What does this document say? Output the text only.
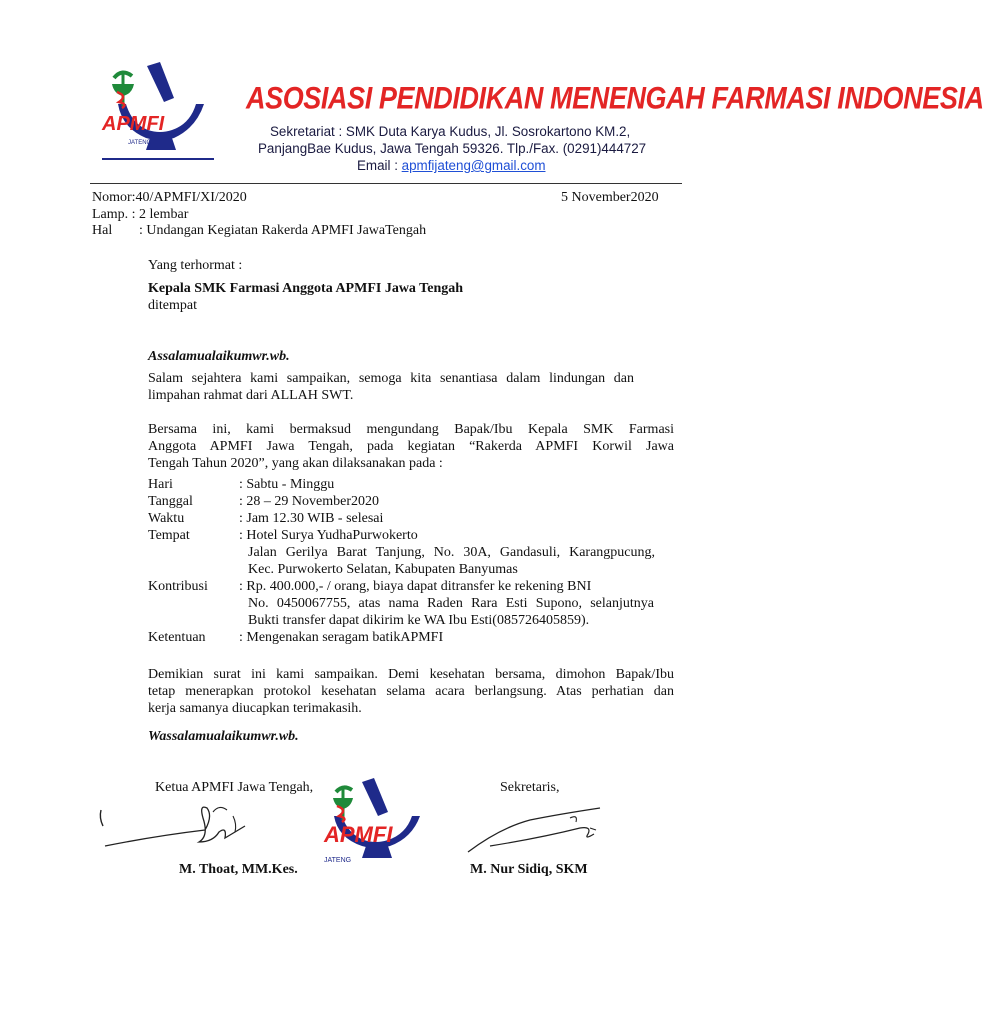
APMFI
JATENG
ASOSIASI PENDIDIKAN MENENGAH FARMASI INDONESIA
Sekretariat : SMK Duta Karya Kudus, Jl. Sosrokartono KM.2,
PanjangBae Kudus, Jawa Tengah 59326. Tlp./Fax. (0291)444727
Email : apmfijateng@gmail.com
Nomor:40/APMFI/XI/2020	5 November2020
Lamp. : 2 lembar
Hal : Undangan Kegiatan Rakerda APMFI JawaTengah
Yang terhormat :
Kepala SMK Farmasi Anggota APMFI Jawa Tengah
ditempat
Assalamualaikumwr.wb.
Salam sejahtera kami sampaikan, semoga kita senantiasa dalam lindungan dan
limpahan rahmat dari ALLAH SWT.
Bersama ini, kami bermaksud mengundang Bapak/Ibu Kepala SMK Farmasi
Anggota APMFI Jawa Tengah, pada kegiatan “Rakerda APMFI Korwil Jawa
Tengah Tahun 2020”, yang akan dilaksanakan pada :
Hari	: Sabtu - Minggu
Tanggal	: 28 – 29 November2020
Waktu	: Jam 12.30 WIB - selesai
Tempat	: Hotel Surya YudhaPurwokerto
Jalan Gerilya Barat Tanjung, No. 30A, Gandasuli, Karangpucung,
Kec. Purwokerto Selatan, Kabupaten Banyumas
Kontribusi : Rp. 400.000,- / orang, biaya dapat ditransfer ke rekening BNI
No. 0450067755, atas nama Raden Rara Esti Supono, selanjutnya
Bukti transfer dapat dikirim ke WA Ibu Esti(085726405859).
Ketentuan : Mengenakan seragam batikAPMFI
Demikian surat ini kami sampaikan. Demi kesehatan bersama, dimohon Bapak/Ibu
tetap menerapkan protokol kesehatan selama acara berlangsung. Atas perhatian dan
kerja samanya diucapkan terimakasih.
Wassalamualaikumwr.wb.
Ketua APMFI Jawa Tengah,	Sekretaris,
APMFI
JATENG
M. Thoat, MM.Kes.	M. Nur Sidiq, SKM
